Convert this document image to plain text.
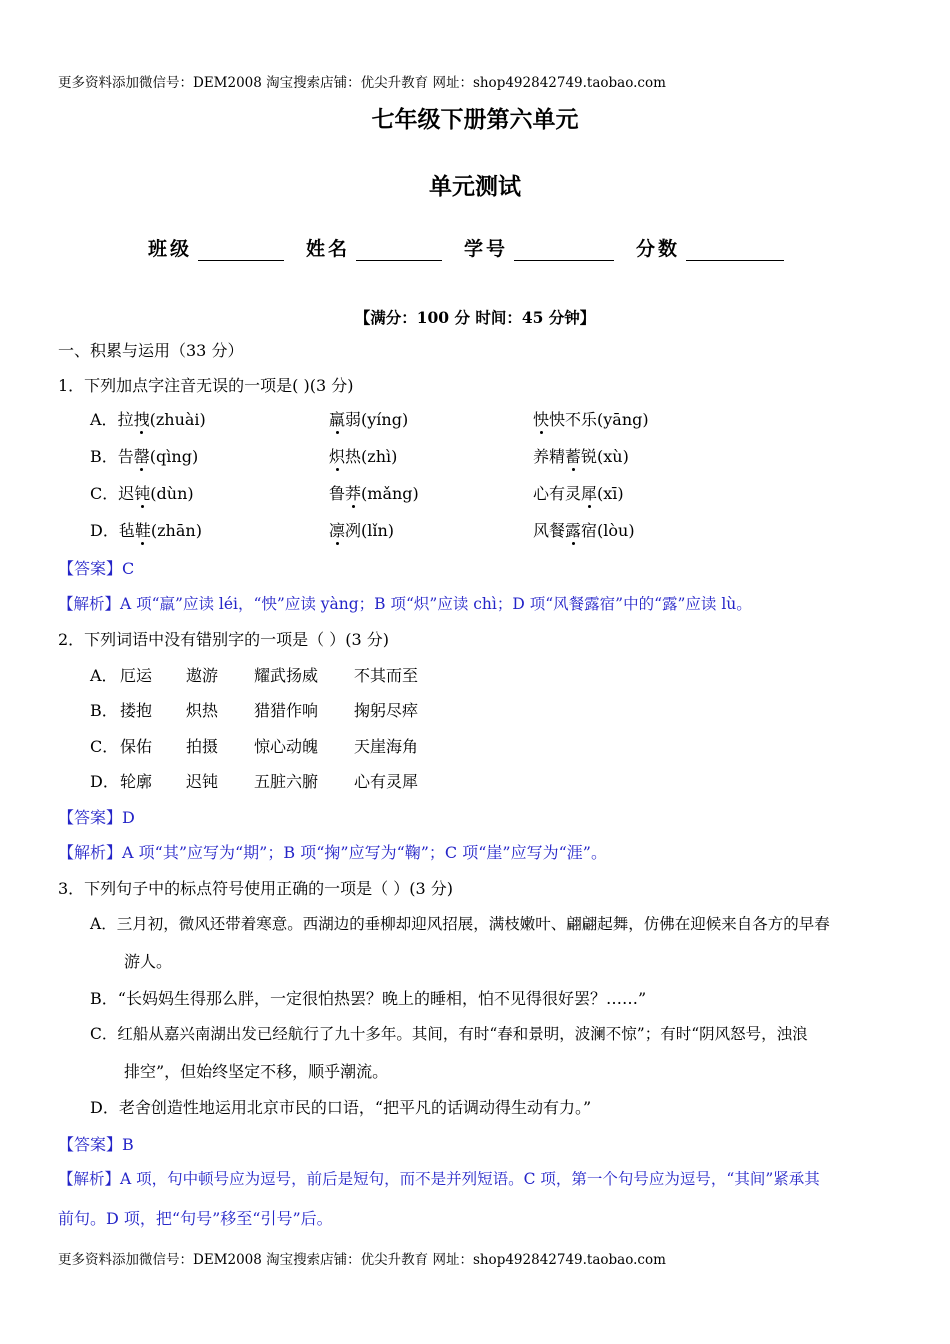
更多资料添加微信号：DEM2008 淘宝搜索店铺：优尖升教育 网址：shop492842749.taobao.com
七年级下册第六单元
单元测试
班级	姓名	学号	分数
【满分：100 分 时间：45 分钟】
一、积累与运用（33 分）
1．下列加点字注音无误的一项是( )(3 分)
A．拉拽(zhuài)	羸弱(yíng)	怏怏不乐(yāng)
B．告罄(qìng)	炽热(zhì)	养精蓄锐(xù)
C．迟钝(dùn)	鲁莽(mǎng)	心有灵犀(xī)
D．毡鞋(zhān)	凛冽(lǐn)	风餐露宿(lòu)
【答案】C
【解析】A 项“羸”应读 léi，“怏”应读 yàng；B 项“炽”应读 chì；D 项“风餐露宿”中的“露”应读 lù。
2．下列词语中没有错别字的一项是（ ）(3 分)
A． 厄运 遨游 耀武扬威 不其而至
B． 搂抱 炽热 猎猎作响 掬躬尽瘁
C． 保佑 拍摄 惊心动魄 天崖海角
D． 轮廓 迟钝 五脏六腑 心有灵犀
【答案】D
【解析】A 项“其”应写为“期”；B 项“掬”应写为“鞠”；C 项“崖”应写为“涯”。
3．下列句子中的标点符号使用正确的一项是（ ）(3 分)
A．三月初，微风还带着寒意。西湖边的垂柳却迎风招展，满枝嫩叶、翩翩起舞，仿佛在迎候来自各方的早春
游人。
B．“长妈妈生得那么胖，一定很怕热罢？晚上的睡相，怕不见得很好罢？……”
C．红船从嘉兴南湖出发已经航行了九十多年。其间，有时“春和景明，波澜不惊”；有时“阴风怒号，浊浪
排空”，但始终坚定不移，顺乎潮流。
D．老舍创造性地运用北京市民的口语，“把平凡的话调动得生动有力。”
【答案】B
【解析】A 项，句中顿号应为逗号，前后是短句，而不是并列短语。C 项，第一个句号应为逗号，“其间”紧承其
前句。D 项，把“句号”移至“引号”后。
更多资料添加微信号：DEM2008 淘宝搜索店铺：优尖升教育 网址：shop492842749.taobao.com
